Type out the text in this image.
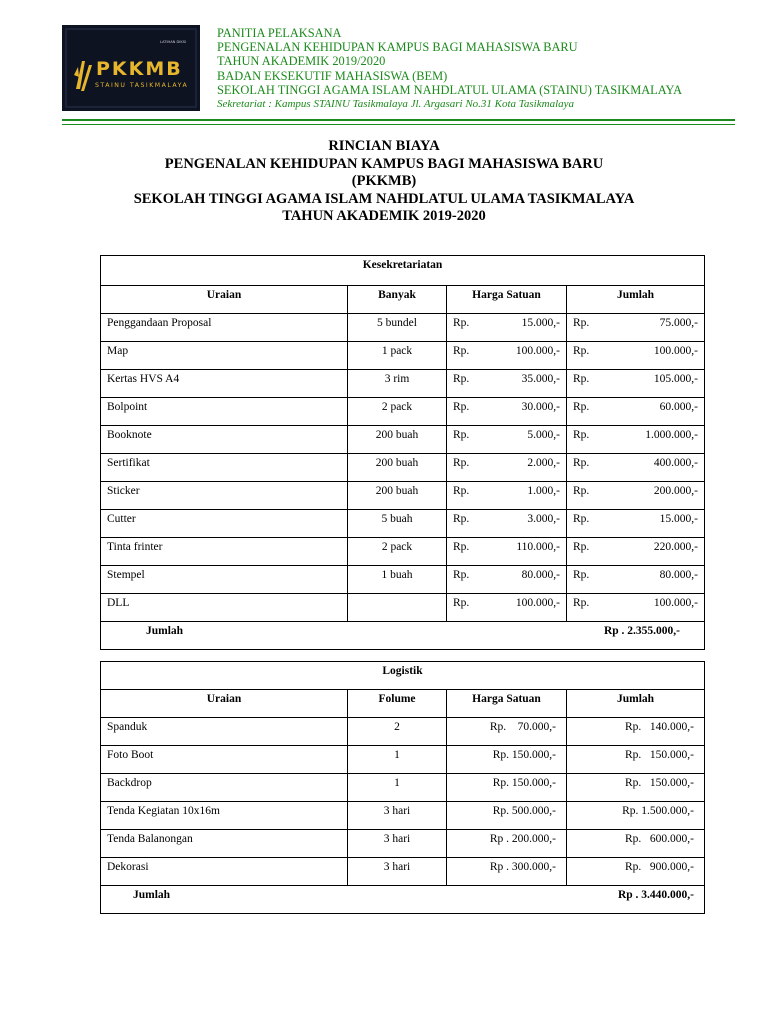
PKKMB
STAINU TASIKMALAYA
LATIHAN DIKSI
PANITIA PELAKSANA
PENGENALAN KEHIDUPAN KAMPUS BAGI MAHASISWA BARU
TAHUN AKADEMIK 2019/2020
BADAN EKSEKUTIF MAHASISWA (BEM)
SEKOLAH TINGGI AGAMA ISLAM NAHDLATUL ULAMA (STAINU) TASIKMALAYA
Sekretariat : Kampus STAINU Tasikmalaya Jl. Argasari No.31 Kota Tasikmalaya
RINCIAN BIAYA
PENGENALAN KEHIDUPAN KAMPUS BAGI MAHASISWA BARU
(PKKMB)
SEKOLAH TINGGI AGAMA ISLAM NAHDLATUL ULAMA TASIKMALAYA
TAHUN AKADEMIK 2019-2020
Kesekretariatan			
Uraian	Banyak	Harga Satuan	Jumlah
Penggandaan Proposal	5 bundel	Rp. 15.000,-	Rp. 75.000,-

Map	1 pack	Rp. 100.000,-	Rp. 100.000,-

Kertas HVS A4	3 rim	Rp. 35.000,-	Rp. 105.000,-

Bolpoint	2 pack	Rp. 30.000,-	Rp. 60.000,-

Booknote	200 buah	Rp. 5.000,-	Rp. 1.000.000,-

Sertifikat	200 buah	Rp. 2.000,-	Rp. 400.000,-

Sticker	200 buah	Rp. 1.000,-	Rp. 200.000,-

Cutter	5 buah	Rp. 3.000,-	Rp. 15.000,-

Tinta frinter	2 pack	Rp. 110.000,-	Rp. 220.000,-

Stempel	1 buah	Rp. 80.000,-	Rp. 80.000,-

DLL		Rp. 100.000,-	Rp. 100.000,-

Jumlah		Rp . 2.355.000,-	
Logistik			
Uraian	Folume	Harga Satuan	Jumlah
Spanduk	2	Rp.    70.000,-	Rp.   140.000,-
Foto Boot	1	Rp. 150.000,-	Rp.   150.000,-
Backdrop	1	Rp. 150.000,-	Rp.   150.000,-
Tenda Kegiatan 10x16m	3 hari	Rp. 500.000,-	Rp. 1.500.000,-
Tenda Balanongan	3 hari	Rp . 200.000,-	Rp.   600.000,-
Dekorasi	3 hari	Rp . 300.000,-	Rp.   900.000,-
Jumlah		Rp . 3.440.000,-	
